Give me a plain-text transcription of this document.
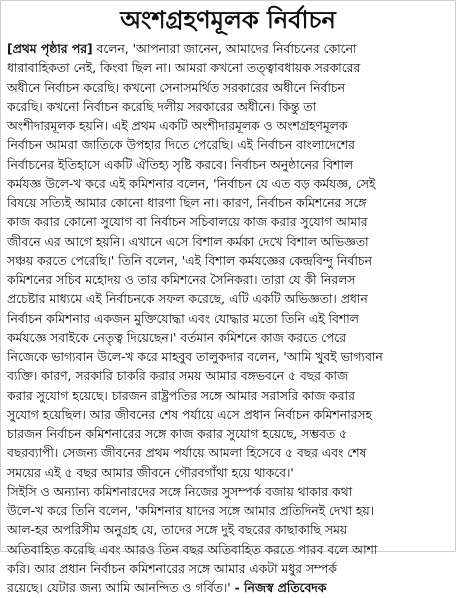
অংশগ্রহণমূলক নির্বাচন

[প্রথম পৃষ্ঠার পর] বলেন, 'আপনারা জানেন, আমাদের নির্বাচনের কোনো

ধারাবাহিকতা নেই, কিংবা ছিল না। আমরা কখনো তত্ত্বাবধায়ক সরকারের

অধীনে নির্বাচন করেছি। কখনো সেনাসমর্থিত সরকারের অধীনে নির্বাচন

করেছি। কখনো নির্বাচন করেছি দলীয় সরকারের অধীনে। কিন্তু তা

অংশীদারমূলক হয়নি। এই প্রথম একটি অংশীদারমূলক ও অংশগ্রহণমূলক

নির্বাচন আমরা জাতিকে উপহার দিতে পেরেছি। এই নির্বাচন বাংলাদেশের

নির্বাচনের ইতিহাসে একটি ঐতিহ্য সৃষ্টি করবে। নির্বাচন অনুষ্ঠানের বিশাল

কর্মযজ্ঞ উলে-খ করে এই কমিশনার বলেন, 'নির্বাচন যে এত বড় কর্মযজ্ঞ, সেই

বিষয়ে সত্যিই আমার কোনো ধারণা ছিল না। কারণ, নির্বাচন কমিশনের সঙ্গে

কাজ করার কোনো সুযোগ বা নির্বাচন সচিবালয়ে কাজ করার সুযোগ আমার

জীবনে এর আগে হয়নি। এখানে এসে বিশাল কর্মকা দেখে বিশাল অভিজ্ঞতা

সঞ্চয় করতে পেরেছি।' তিনি বলেন, 'এই বিশাল কর্মযজ্ঞের কেন্দ্রবিন্দু নির্বাচন

কমিশনের সচিব মহোদয় ও তার কমিশনের সৈনিকরা। তারা যে কী নিরলস

প্রচেষ্টার মাধ্যমে এই নির্বাচনকে সফল করেছে, এটি একটি অভিজ্ঞতা। প্রধান

নির্বাচন কমিশনার একজন মুক্তিযোদ্ধা এবং যোদ্ধার মতো তিনি এই বিশাল

কর্মযজ্ঞে সবাইকে নেতৃত্ব দিয়েছেন।' বর্তমান কমিশনে কাজ করতে পেরে

নিজেকে ভাগ্যবান উলে-খ করে মাহবুব তালুকদার বলেন, 'আমি খুবই ভাগ্যবান

ব্যক্তি। কারণ, সরকারি চাকরি করার সময় আমার বঙ্গভবনে ৫ বছর কাজ

করার সুযোগ হয়েছে। চারজন রাষ্ট্রপতির সঙ্গে আমার সরাসরি কাজ করার

সুযোগ হয়েছিল। আর জীবনের শেষ পর্যায়ে এসে প্রধান নির্বাচন কমিশনারসহ

চারজন নির্বাচন কমিশনারের সঙ্গে কাজ করার সুযোগ হয়েছে, সম্ভবত ৫

বছরব্যাপী। সেজন্য জীবনের প্রথম পর্যায়ে আমলা হিসেবে ৫ বছর এবং শেষ

সময়ের এই ৫ বছর আমার জীবনে গৌরবগাঁথা হয়ে থাকবে।'

সিইসি ও অন্যান্য কমিশনারদের সঙ্গে নিজের সুসম্পর্ক বজায় থাকার কথা

উলে-খ করে তিনি বলেন, 'কমিশনার যাদের সঙ্গে আমার প্রতিদিনই দেখা হয়।

আল-হর অপরিসীম অনুগ্রহ যে, তাদের সঙ্গে দুই বছরের কাছাকাছি সময়

অতিবাহিত করেছি এবং আরও তিন বছর অতিবাহিত করতে পারব বলে আশা

করি। আর প্রধান নির্বাচন কমিশনারের সঙ্গে আমার একটা মধুর সম্পর্ক

রয়েছে। যেটার জন্য আমি আনন্দিত ও গর্বিত।' - নিজস্ব প্রতিবেদক
